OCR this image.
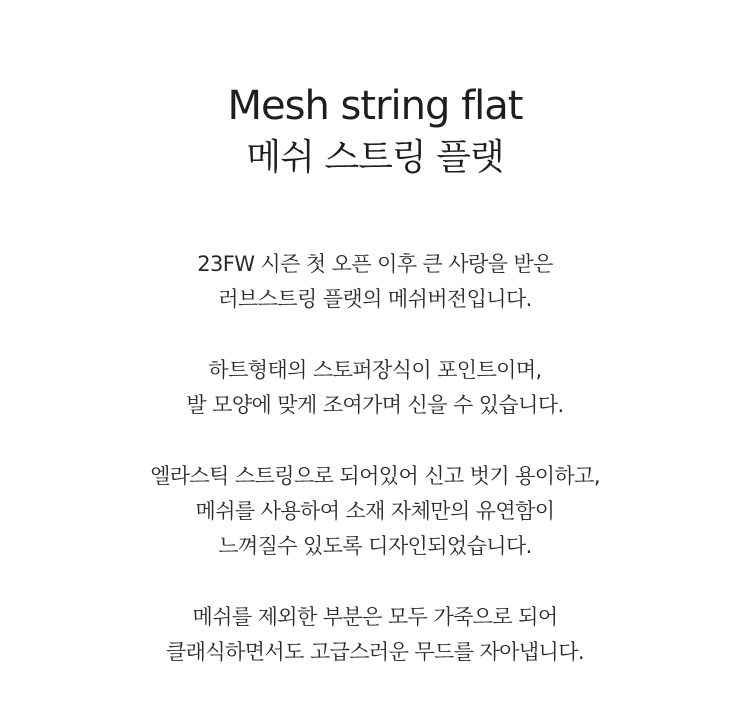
Mesh string flat
메쉬 스트링 플랫

23FW 시즌 첫 오픈 이후 큰 사랑을 받은
러브스트링 플랫의 메쉬버전입니다.

하트형태의 스토퍼장식이 포인트이며,
발 모양에 맞게 조여가며 신을 수 있습니다.

엘라스틱 스트링으로 되어있어 신고 벗기 용이하고,
메쉬를 사용하여 소재 자체만의 유연함이
느껴질수 있도록 디자인되었습니다.

메쉬를 제외한 부분은 모두 가죽으로 되어
클래식하면서도 고급스러운 무드를 자아냅니다.
